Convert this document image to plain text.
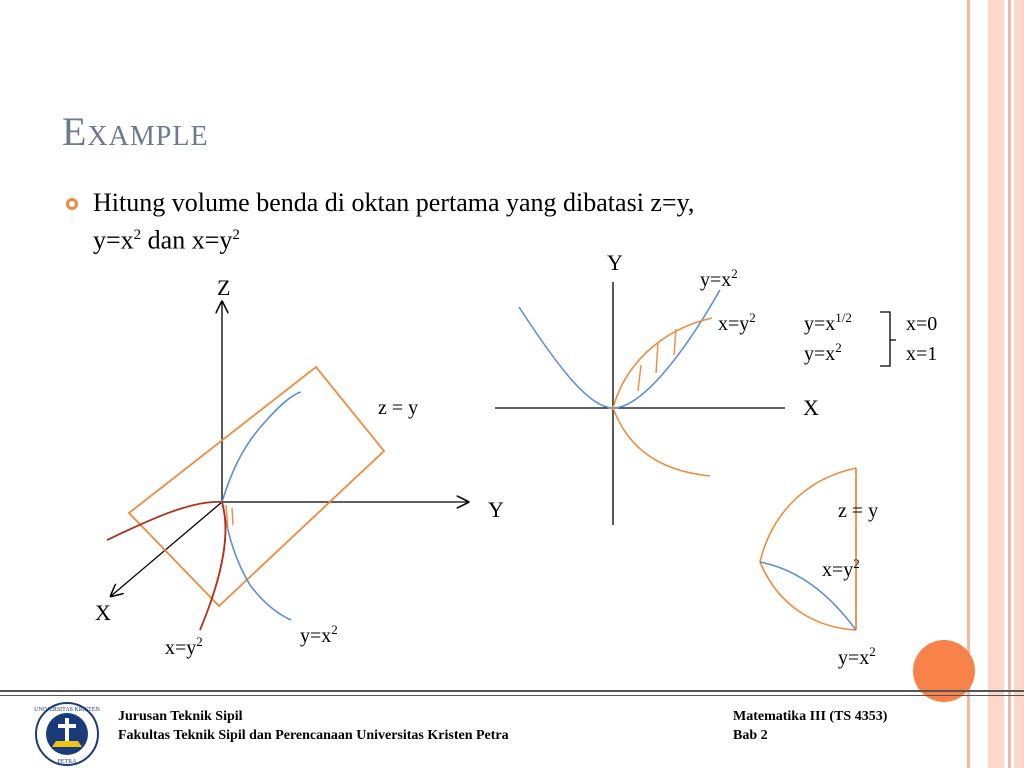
Example
Hitung volume benda di oktan pertama yang dibatasi z=y,
$y=x^2$ dan $x=y^2$
Z
Y
X
z = y
$x=y^2$	$y=x^2$
Y
X
$y=x^2$
$x=y^2$ $y=x^{1/2}$
$y=x^2$
x=0
x=1
z = y
$x=y^2$
$y=x^2$
UNIVERSITAS KRISTEN
PETRA
Jurusan Teknik Sipil
Fakultas Teknik Sipil dan Perencanaan Universitas Kristen Petra
Matematika III (TS 4353)
Bab 2
